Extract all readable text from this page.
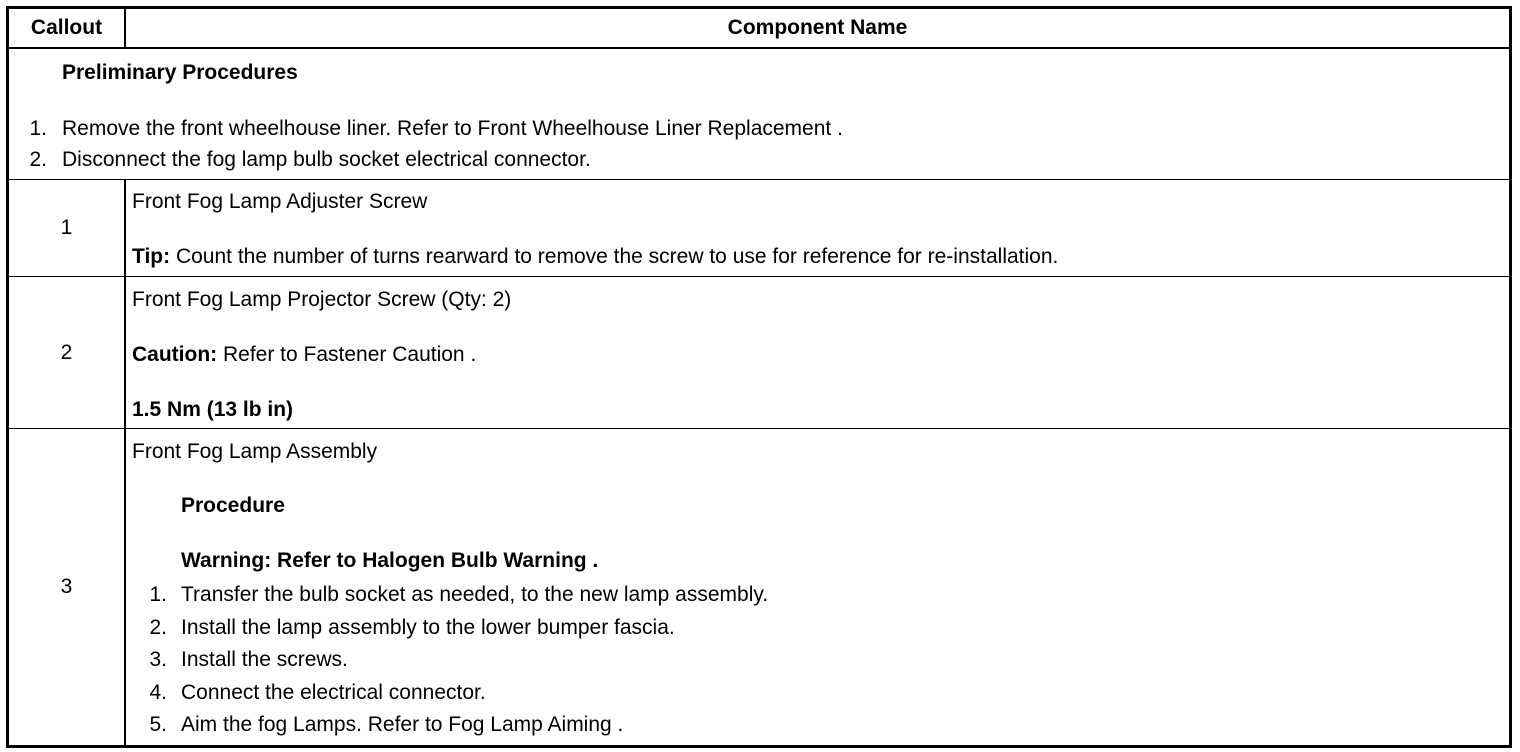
Callout	Component Name
Preliminary Procedures
1. Remove the front wheelhouse liner. Refer to Front Wheelhouse Liner Replacement .
2. Disconnect the fog lamp bulb socket electrical connector.
1
Front Fog Lamp Adjuster Screw
Tip: Count the number of turns rearward to remove the screw to use for reference for re-installation.
2
Front Fog Lamp Projector Screw (Qty: 2)
Caution: Refer to Fastener Caution .
1.5 Nm (13 lb in)
3
Front Fog Lamp Assembly
Procedure
Warning: Refer to Halogen Bulb Warning .
1. Transfer the bulb socket as needed, to the new lamp assembly.
2. Install the lamp assembly to the lower bumper fascia.
3. Install the screws.
4. Connect the electrical connector.
5. Aim the fog Lamps. Refer to Fog Lamp Aiming .
